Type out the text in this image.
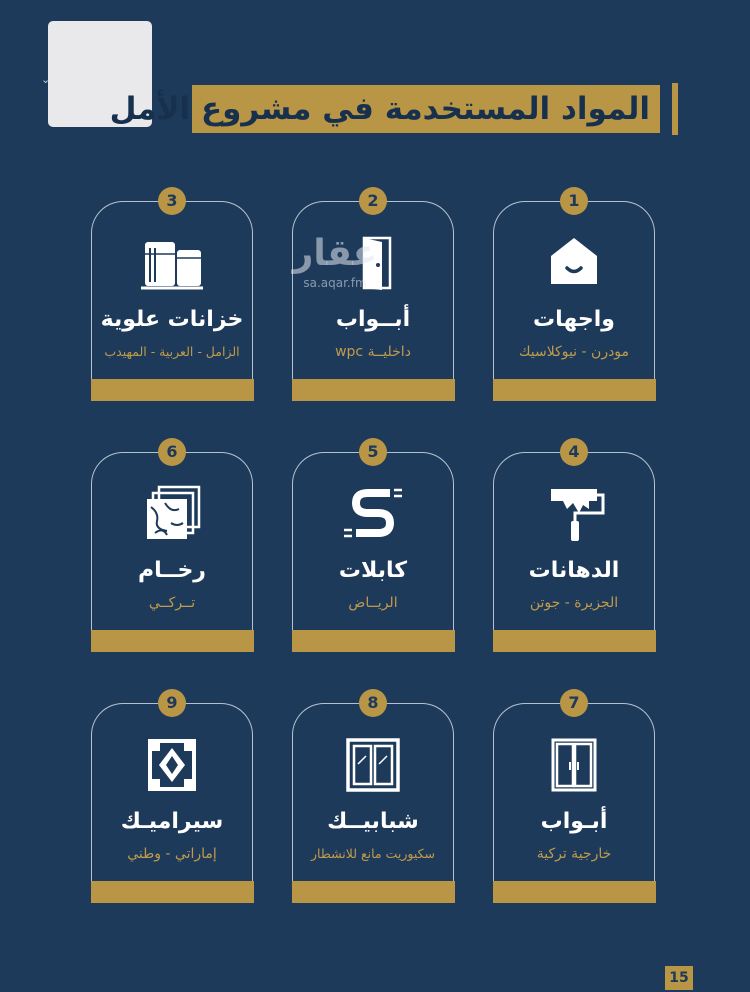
⌄
المواد المستخدمة في مشروع الأمل
1
واجهات
مودرن - نيوكلاسيك
2
أبــواب
داخليــة wpc
3
خزانات علوية
الزامل - العربية - المهيدب
4
الدهانات
الجزيرة - جوتن
5
كابلات
الريــاض
6
رخــام
تــركــي
7
أبـواب
خارجية تركية
8
شبابيــك
سكيوريت مانع للانشطار
9
سيراميـك
إماراتي - وطني
عقار
sa.aqar.fm
15
